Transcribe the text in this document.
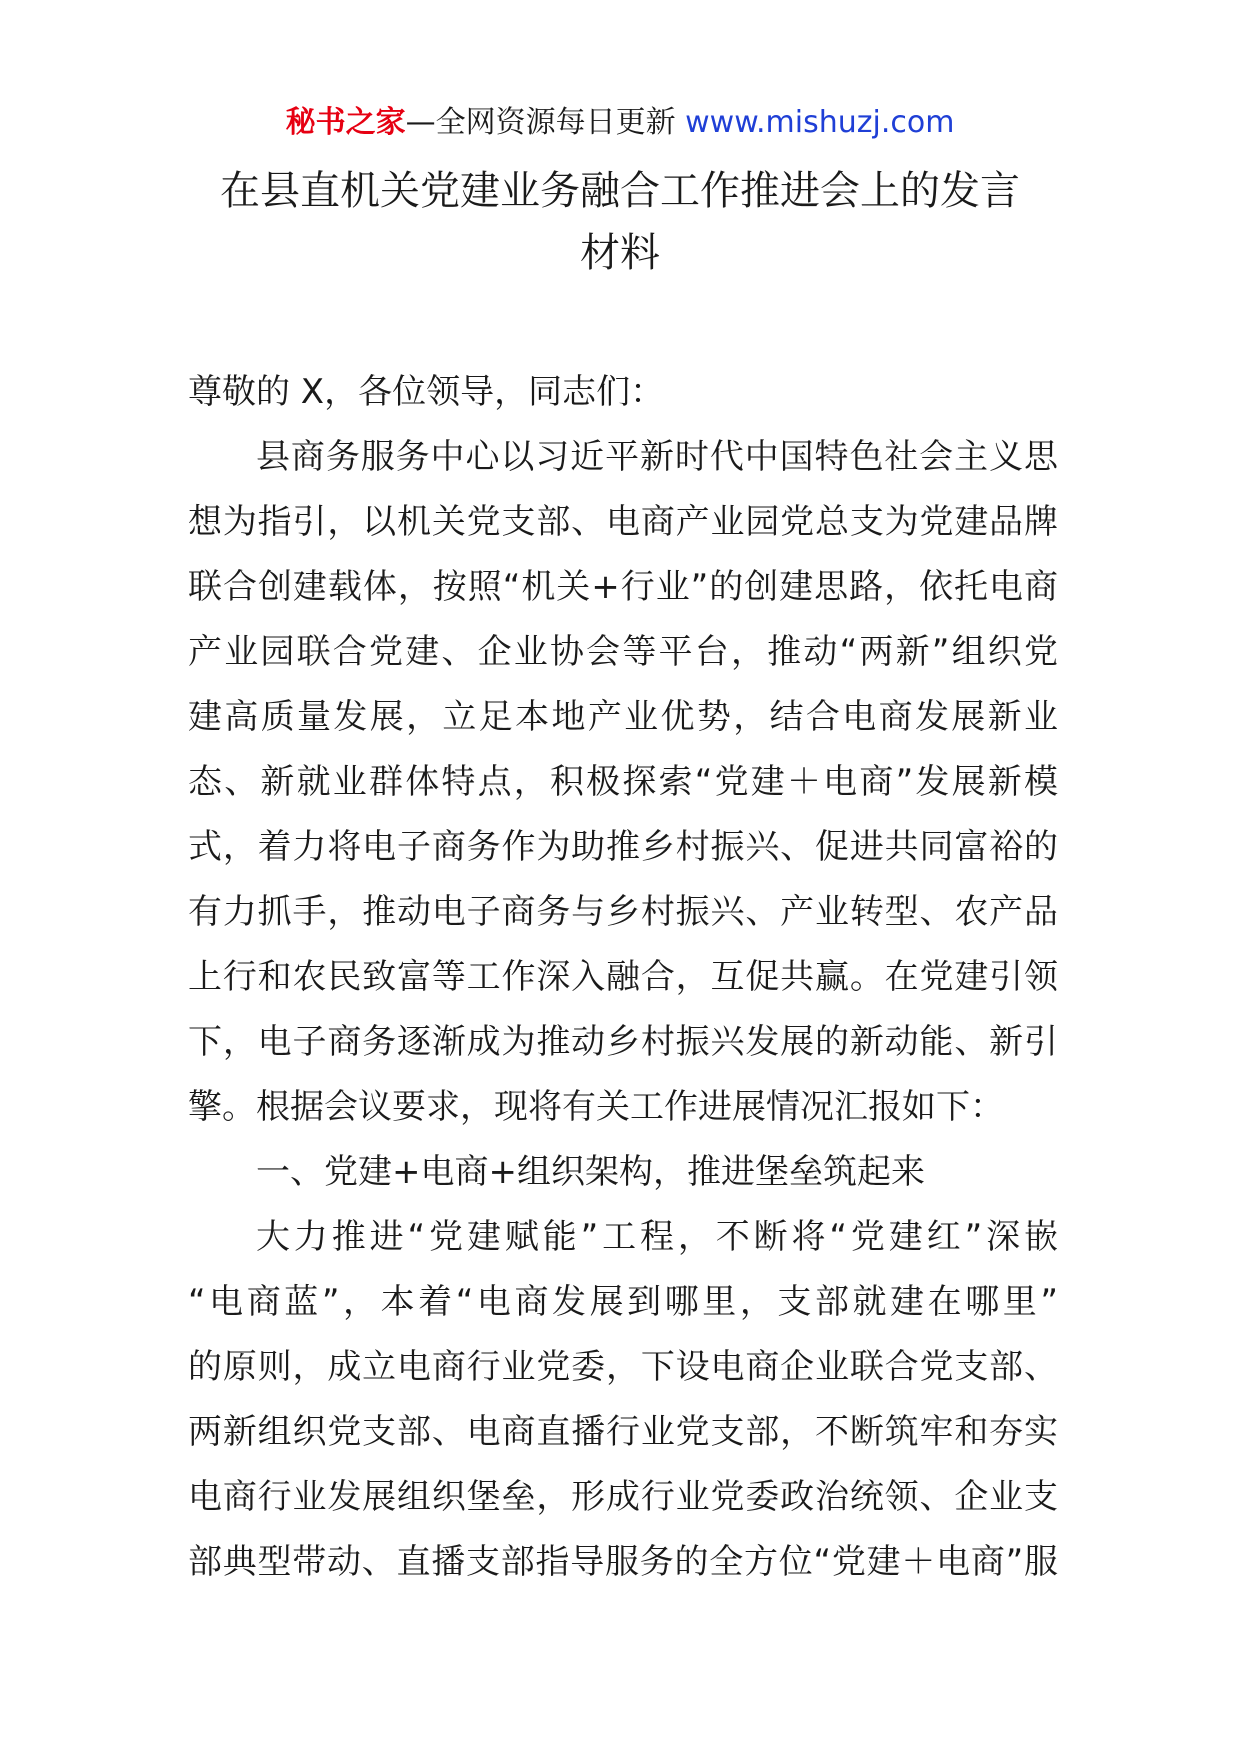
秘书之家—全网资源每日更新 www.mishuzj.com
在县直机关党建业务融合工作推进会上的发言
材料
尊敬的 X，各位领导，同志们：
县商务服务中心以习近平新时代中国特色社会主义思
想为指引，以机关党支部、电商产业园党总支为党建品牌
联合创建载体，按照“机关+行业”的创建思路，依托电商
产业园联合党建、企业协会等平台，推动“两新”组织党
建高质量发展，立足本地产业优势，结合电商发展新业
态、新就业群体特点，积极探索“党建＋电商”发展新模
式，着力将电子商务作为助推乡村振兴、促进共同富裕的
有力抓手，推动电子商务与乡村振兴、产业转型、农产品
上行和农民致富等工作深入融合，互促共赢。在党建引领
下，电子商务逐渐成为推动乡村振兴发展的新动能、新引
擎。根据会议要求，现将有关工作进展情况汇报如下：
一、党建+电商+组织架构，推进堡垒筑起来
大力推进“党建赋能”工程，不断将“党建红”深嵌
“电商蓝”，本着“电商发展到哪里，支部就建在哪里”
的原则，成立电商行业党委，下设电商企业联合党支部、
两新组织党支部、电商直播行业党支部，不断筑牢和夯实
电商行业发展组织堡垒，形成行业党委政治统领、企业支
部典型带动、直播支部指导服务的全方位“党建＋电商”服
